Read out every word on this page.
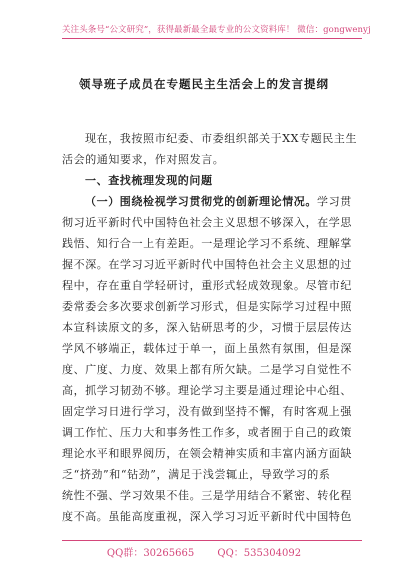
关注头条号“公文研究”，获得最新最全最专业的公文资料库！ 微信：gongwenyj
领导班子成员在专题民主生活会上的发言提纲
现在，我按照市纪委、市委组织部关于XX专题民主生
活会的通知要求，作对照发言。
一、查找梳理发现的问题
（一）围绕检视学习贯彻党的创新理论情况。学习贯
彻习近平新时代中国特色社会主义思想不够深入，在学思
践悟、知行合一上有差距。一是理论学习不系统、理解掌
握不深。在学习习近平新时代中国特色社会主义思想的过
程中，存在重自学轻研讨，重形式轻成效现象。尽管市纪
委常委会多次要求创新学习形式，但是实际学习过程中照
本宣科读原文的多，深入钻研思考的少，习惯于层层传达
学风不够端正，载体过于单一，面上虽然有氛围，但是深
度、广度、力度、效果上都有所欠缺。二是学习自觉性不
高，抓学习韧劲不够。理论学习主要是通过理论中心组、
固定学习日进行学习，没有做到坚持不懈，有时客观上强
调工作忙、压力大和事务性工作多，或者囿于自己的政策
理论水平和眼界阅历，在领会精神实质和丰富内涵方面缺
乏“挤劲”和“钻劲”，满足于浅尝辄止，导致学习的系
统性不强、学习效果不佳。三是学用结合不紧密、转化程
度不高。虽能高度重视，深入学习习近平新时代中国特色
QQ群：30265665 QQ：535304092
